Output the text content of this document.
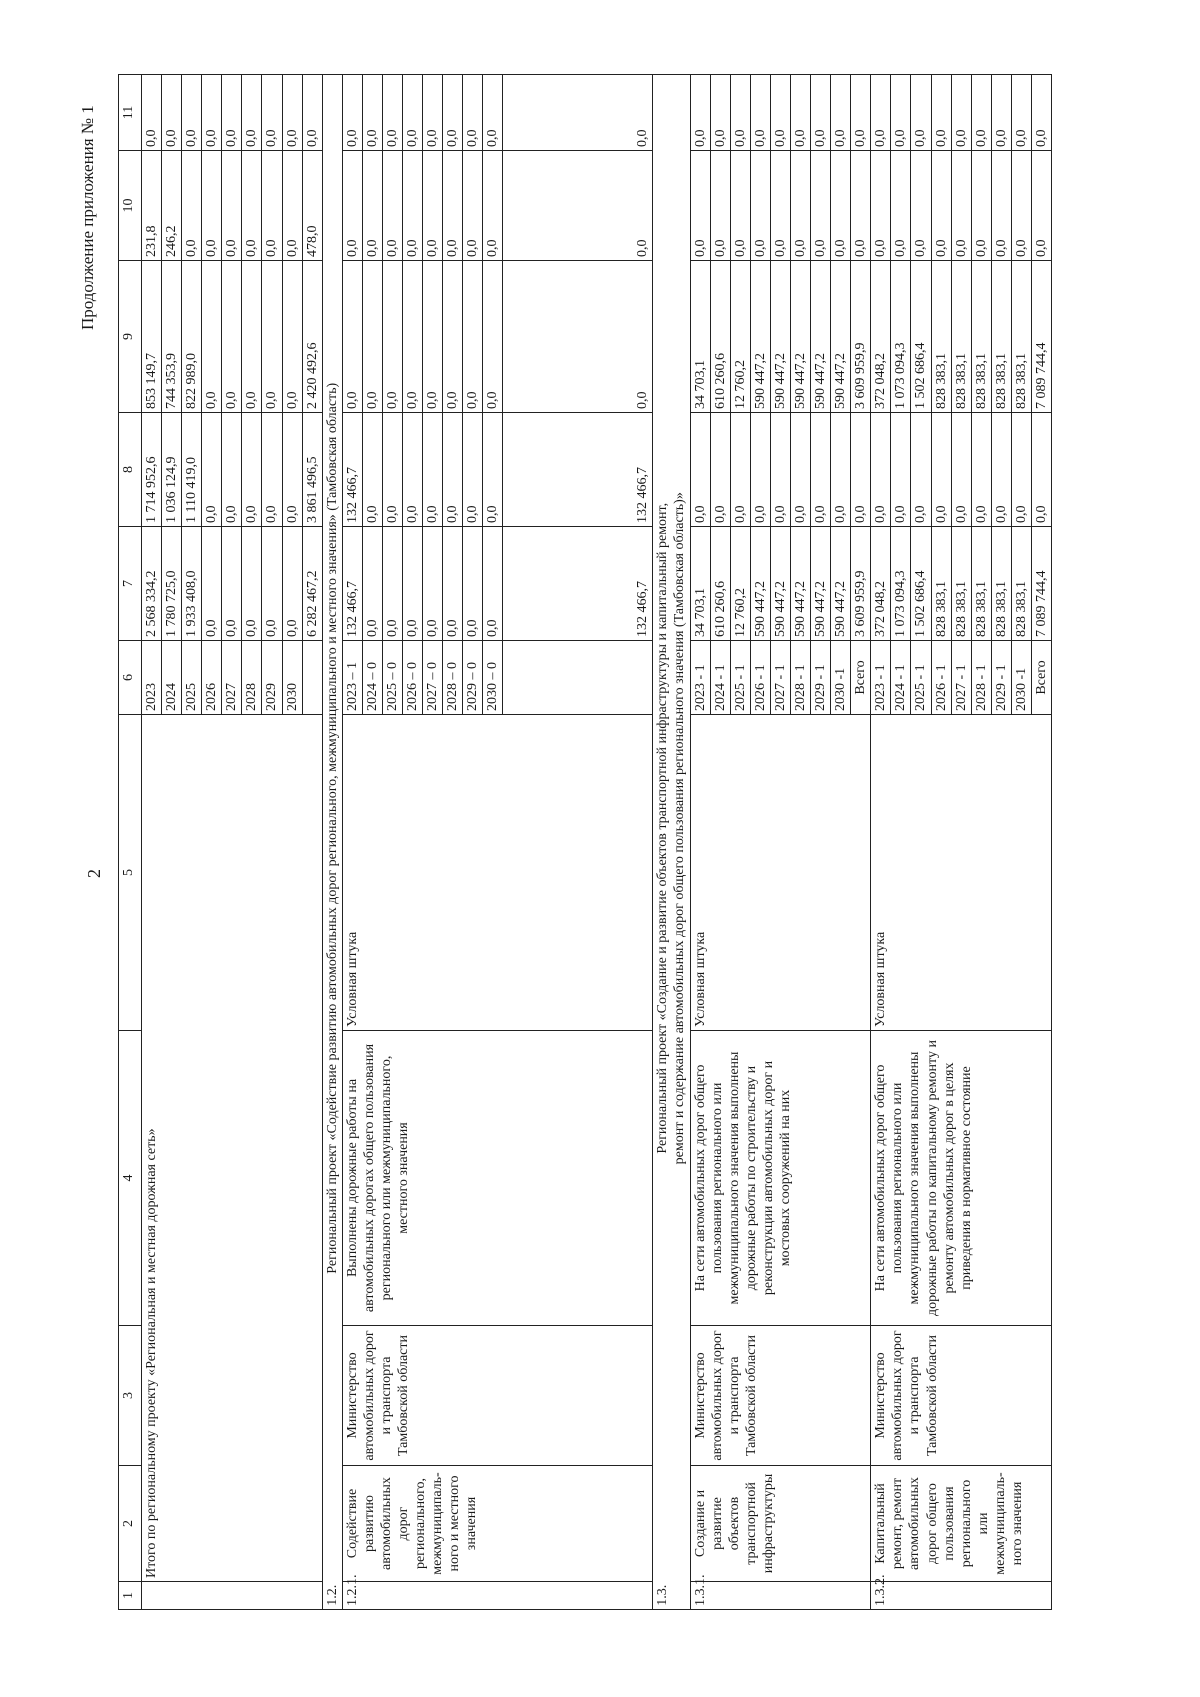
Продолжение приложения № 1
2
1	2	3	4	5	6	7	8	9	10	11
	Итого по региональному проекту «Региональная и местная дорожная сеть»				2023	2 568 334,2	1 714 952,6	853 149,7	231,8	0,0
					2024	1 780 725,0	1 036 124,9	744 353,9	246,2	0,0
					2025	1 933 408,0	1 110 419,0	822 989,0	0,0	0,0
					2026	0,0	0,0	0,0	0,0	0,0
					2027	0,0	0,0	0,0	0,0	0,0
					2028	0,0	0,0	0,0	0,0	0,0
					2029	0,0	0,0	0,0	0,0	0,0
					2030	0,0	0,0	0,0	0,0	0,0
						6 282 467,2	3 861 496,5	2 420 492,6	478,0	0,0
1.2.	Региональный проект «Содействие развитию автомобильных дорог регионального, межмуниципального и местного значения» (Тамбовская область)									
1.2.1.	Содействие развитию автомобильных дорог регионального, межмуниципаль-ного и местного значения	Министерство автомобильных дорог и транспорта Тамбовской области	Выполнены дорожные работы на автомобильных дорогах общего пользования регионального или межмуниципального, местного значения	Условная штука	2023 – 1	132 466,7	132 466,7	0,0	0,0	0,0
					2024 – 0	0,0	0,0	0,0	0,0	0,0
					2025 – 0	0,0	0,0	0,0	0,0	0,0
					2026 – 0	0,0	0,0	0,0	0,0	0,0
					2027 – 0	0,0	0,0	0,0	0,0	0,0
					2028 – 0	0,0	0,0	0,0	0,0	0,0
					2029 – 0	0,0	0,0	0,0	0,0	0,0
					2030 – 0	0,0	0,0	0,0	0,0	0,0
						132 466,7	132 466,7	0,0	0,0	0,0
1.3.	Региональный проект «Создание и развитие объектов транспортной инфраструктуры и капитальный ремонт, ремонт и содержание автомобильных дорог общего пользования регионального значения (Тамбовская область)»									

1.3.1.	Создание и развитие объектов транспортной инфраструктуры	Министерство автомобильных дорог и транспорта Тамбовской области	На сети автомобильных дорог общего пользования регионального или межмуниципального значения выполнены дорожные работы по строительству и реконструкции автомобильных дорог и мостовых сооружений на них	Условная штука	2023 - 1	34 703,1	0,0	34 703,1	0,0	0,0
					2024 - 1	610 260,6	0,0	610 260,6	0,0	0,0
					2025 - 1	12 760,2	0,0	12 760,2	0,0	0,0
					2026 - 1	590 447,2	0,0	590 447,2	0,0	0,0
					2027 - 1	590 447,2	0,0	590 447,2	0,0	0,0
					2028 - 1	590 447,2	0,0	590 447,2	0,0	0,0
					2029 - 1	590 447,2	0,0	590 447,2	0,0	0,0
					2030 -1	590 447,2	0,0	590 447,2	0,0	0,0
					Всего	3 609 959,9	0,0	3 609 959,9	0,0	0,0
1.3.2.	Капитальный ремонт, ремонт автомобильных дорог общего пользования регионального или межмуниципаль-ного значения	Министерство автомобильных дорог и транспорта Тамбовской области	На сети автомобильных дорог общего пользования регионального или межмуниципального значения выполнены дорожные работы по капитальному ремонту и ремонту автомобильных дорог в целях приведения в нормативное состояние	Условная штука	2023 - 1	372 048,2	0,0	372 048,2	0,0	0,0
					2024 - 1	1 073 094,3	0,0	1 073 094,3	0,0	0,0
					2025 - 1	1 502 686,4	0,0	1 502 686,4	0,0	0,0
					2026 - 1	828 383,1	0,0	828 383,1	0,0	0,0
					2027 - 1	828 383,1	0,0	828 383,1	0,0	0,0
					2028 - 1	828 383,1	0,0	828 383,1	0,0	0,0
					2029 - 1	828 383,1	0,0	828 383,1	0,0	0,0
					2030 -1	828 383,1	0,0	828 383,1	0,0	0,0
					Всего	7 089 744,4	0,0	7 089 744,4	0,0	0,0
